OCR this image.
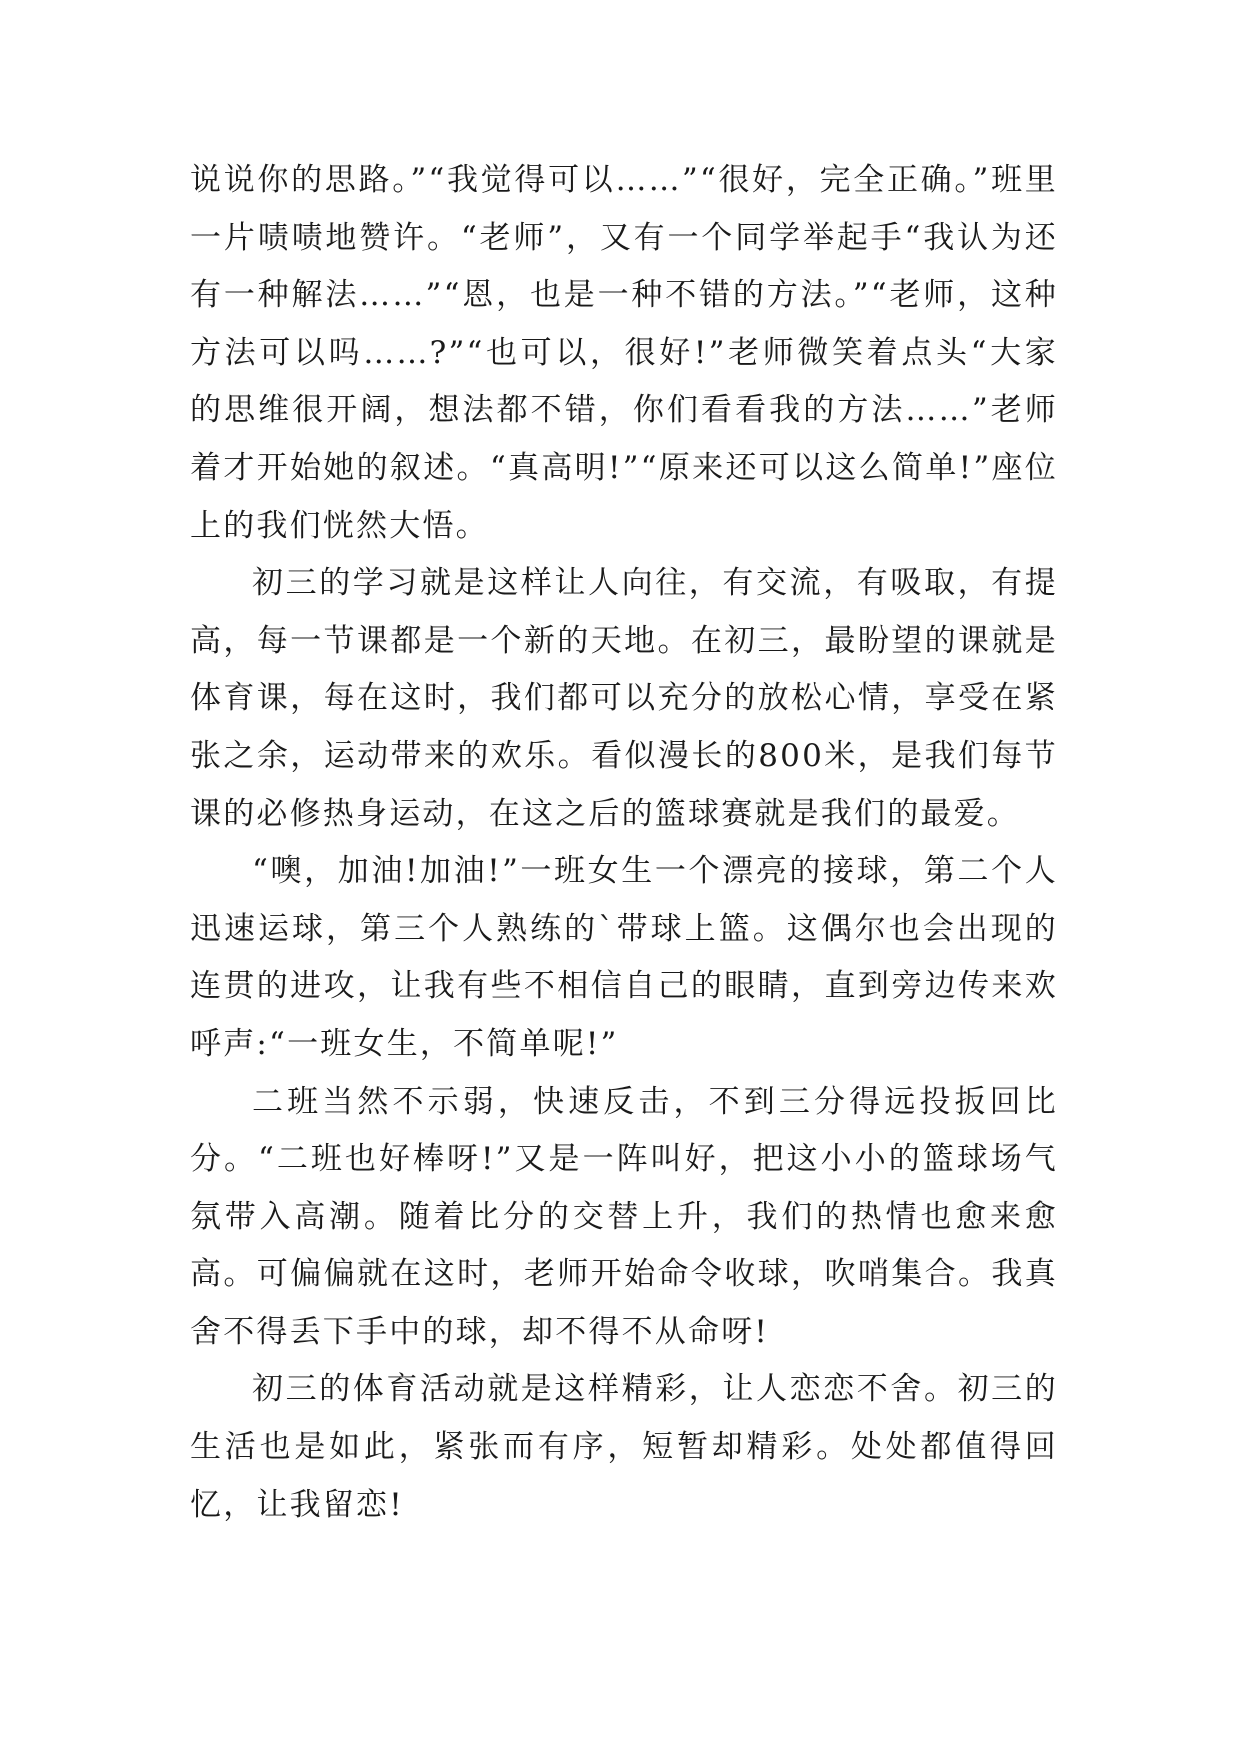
说说你的思路。”“我觉得可以……”“很好，完全正确。”班里一片啧啧地赞许。“老师”，又有一个同学举起手“我认为还有一种解法……”“恩，也是一种不错的方法。”“老师，这种方法可以吗……?”“也可以，很好!”老师微笑着点头“大家的思维很开阔，想法都不错，你们看看我的方法……”老师着才开始她的叙述。“真高明!”“原来还可以这么简单!”座位上的我们恍然大悟。

初三的学习就是这样让人向往，有交流，有吸取，有提高，每一节课都是一个新的天地。在初三，最盼望的课就是体育课，每在这时，我们都可以充分的放松心情，享受在紧张之余，运动带来的欢乐。看似漫长的800米，是我们每节课的必修热身运动，在这之后的篮球赛就是我们的最爱。

“噢，加油!加油!”一班女生一个漂亮的接球，第二个人迅速运球，第三个人熟练的`带球上篮。这偶尔也会出现的连贯的进攻，让我有些不相信自己的眼睛，直到旁边传来欢呼声:“一班女生，不简单呢!”

二班当然不示弱，快速反击，不到三分得远投扳回比分。“二班也好棒呀!”又是一阵叫好，把这小小的篮球场气氛带入高潮。随着比分的交替上升，我们的热情也愈来愈高。可偏偏就在这时，老师开始命令收球，吹哨集合。我真舍不得丢下手中的球，却不得不从命呀!

初三的体育活动就是这样精彩，让人恋恋不舍。初三的生活也是如此，紧张而有序，短暂却精彩。处处都值得回忆，让我留恋!
